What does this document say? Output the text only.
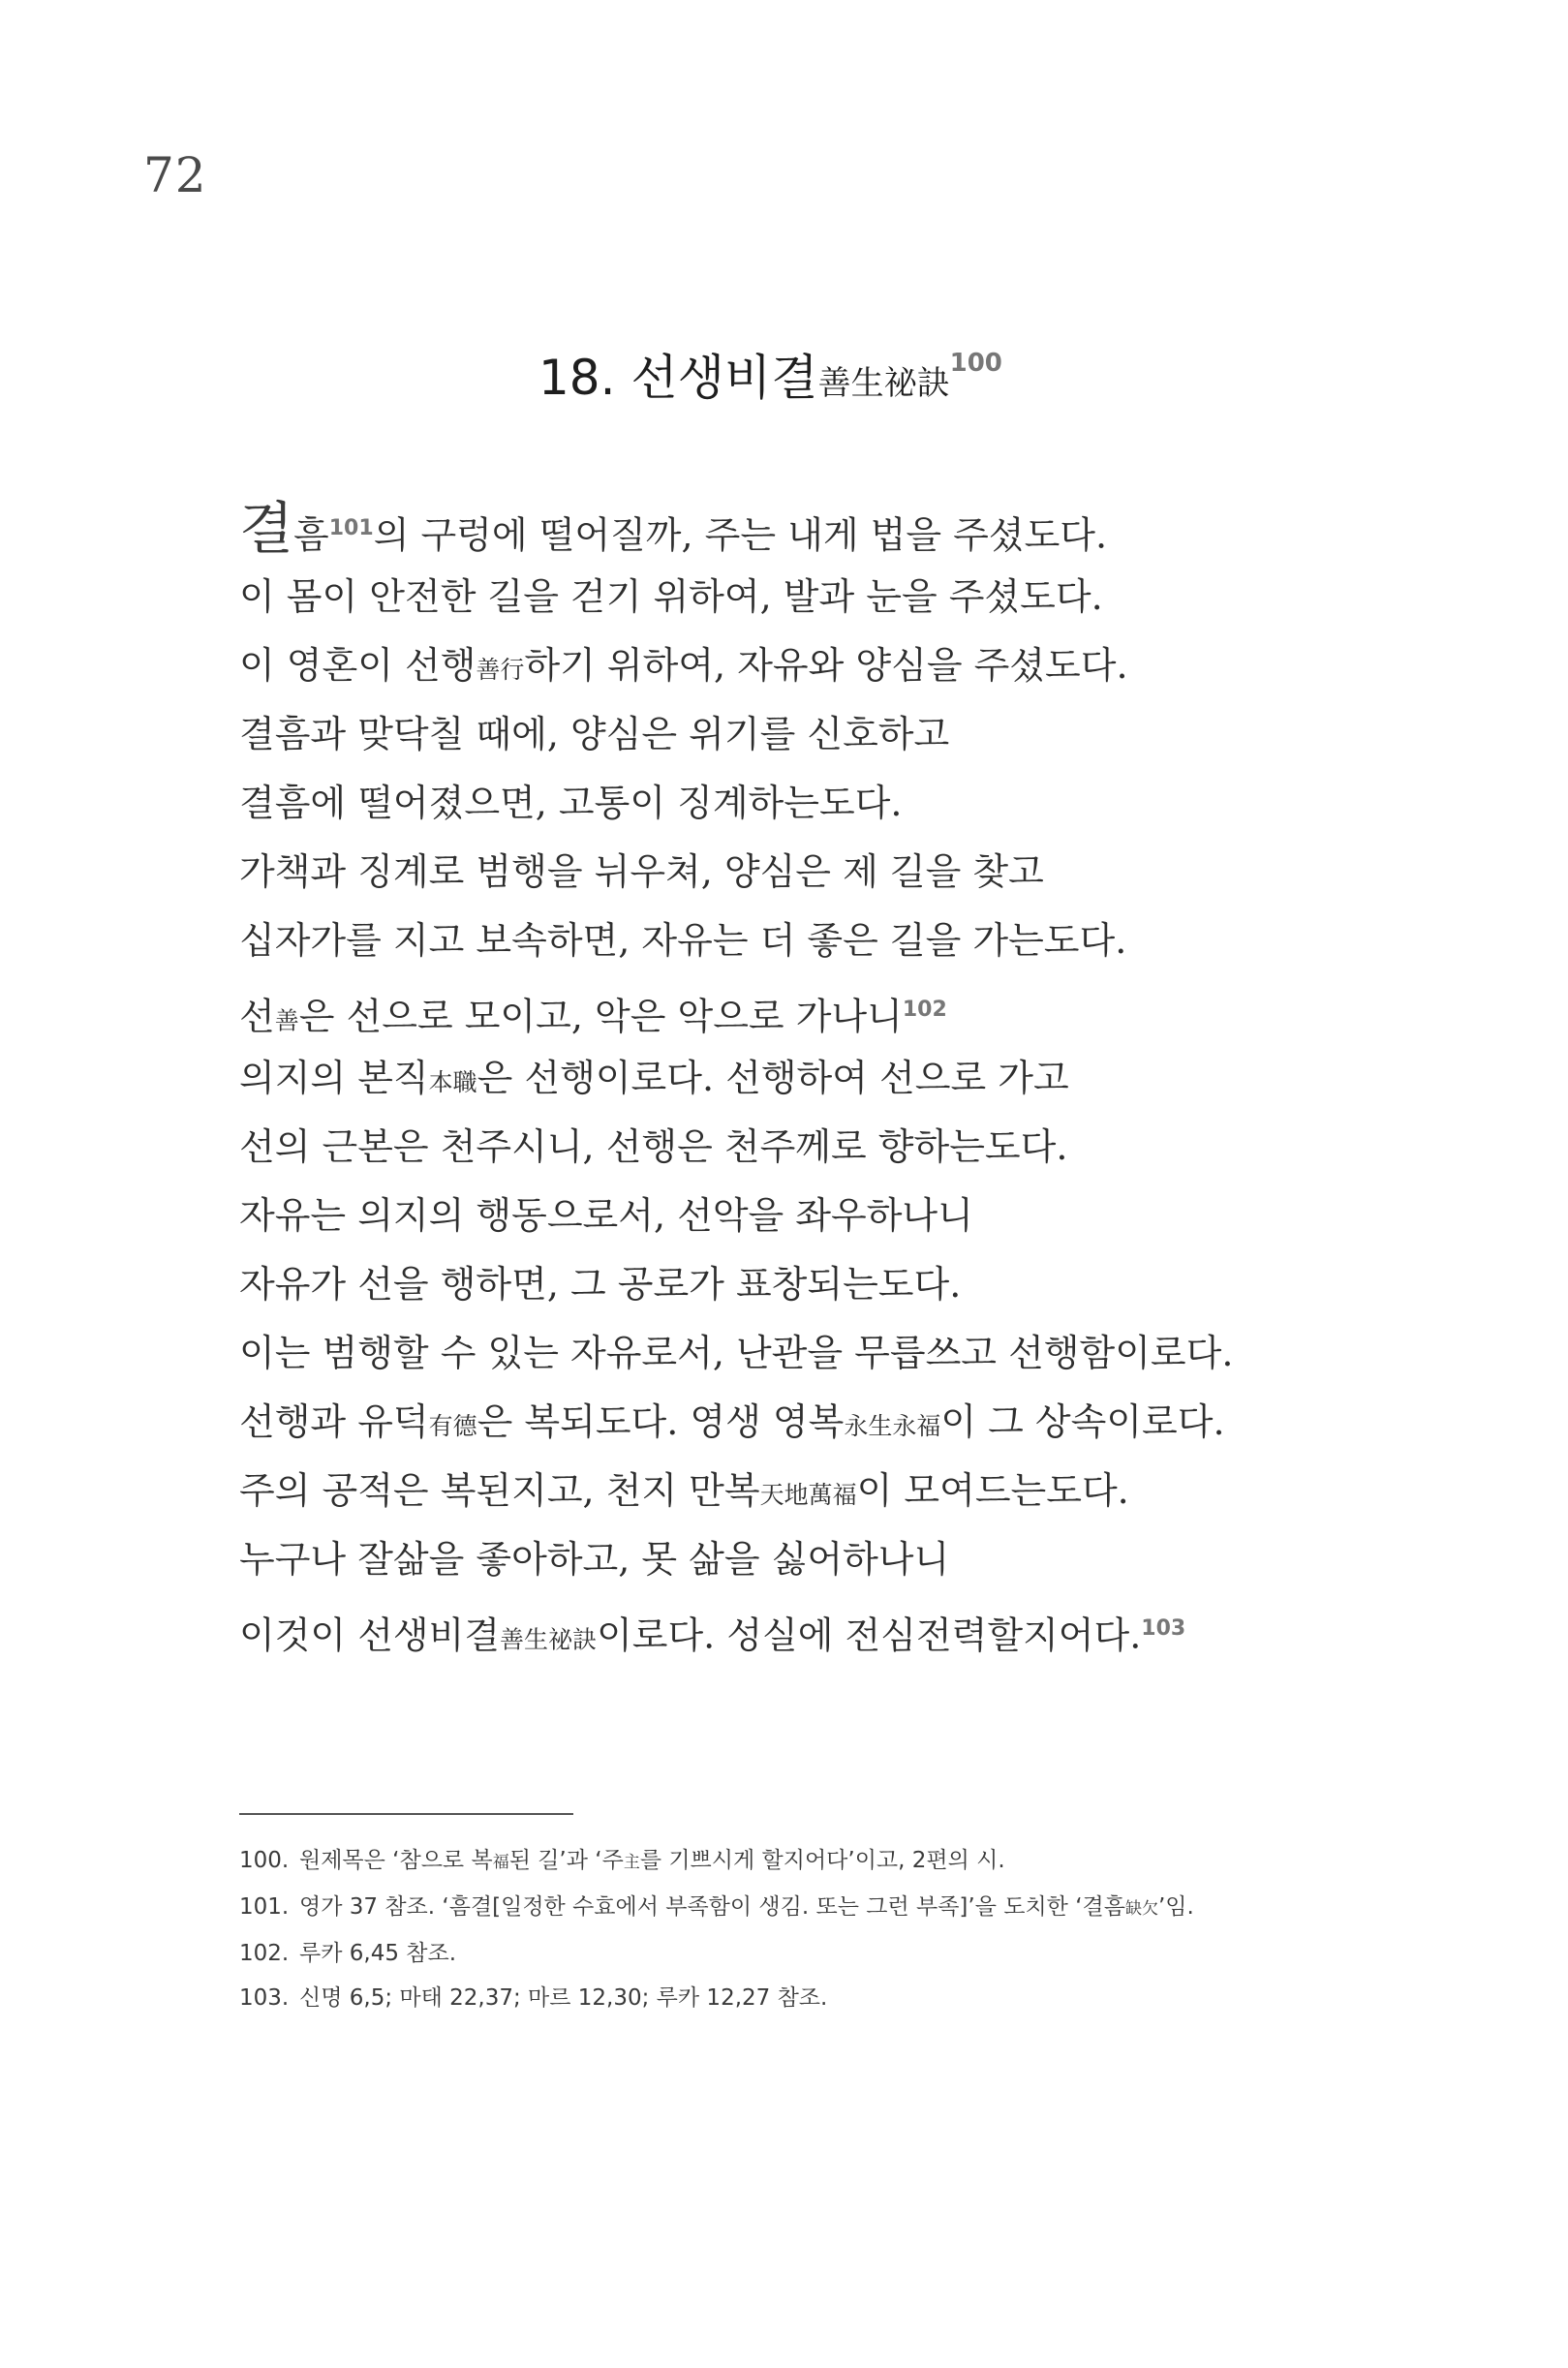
72
18. 선생비결善生祕訣$^{100}$
결흠$^{101}$의 구렁에 떨어질까, 주는 내게 법을 주셨도다.
이 몸이 안전한 길을 걷기 위하여, 발과 눈을 주셨도다.
이 영혼이 선행善行하기 위하여, 자유와 양심을 주셨도다.
결흠과 맞닥칠 때에, 양심은 위기를 신호하고
결흠에 떨어졌으면, 고통이 징계하는도다.
가책과 징계로 범행을 뉘우쳐, 양심은 제 길을 찾고
십자가를 지고 보속하면, 자유는 더 좋은 길을 가는도다.
선善은 선으로 모이고, 악은 악으로 가나니$^{102}$
의지의 본직本職은 선행이로다. 선행하여 선으로 가고
선의 근본은 천주시니, 선행은 천주께로 향하는도다.
자유는 의지의 행동으로서, 선악을 좌우하나니
자유가 선을 행하면, 그 공로가 표창되는도다.
이는 범행할 수 있는 자유로서, 난관을 무릅쓰고 선행함이로다.
선행과 유덕有德은 복되도다. 영생 영복永生永福이 그 상속이로다.
주의 공적은 복된지고, 천지 만복天地萬福이 모여드는도다.
누구나 잘삶을 좋아하고, 못 삶을 싫어하나니
이것이 선생비결善生祕訣이로다. 성실에 전심전력할지어다.$^{103}$
100. 원제목은 ‘참으로 복福된 길’과 ‘주主를 기쁘시게 할지어다’이고, 2편의 시.
101. 영가 37 참조. ‘흠결[일정한 수효에서 부족함이 생김. 또는 그런 부족]’을 도치한 ‘결흠缺欠’임.
102. 루카 6,45 참조.
103. 신명 6,5; 마태 22,37; 마르 12,30; 루카 12,27 참조.
